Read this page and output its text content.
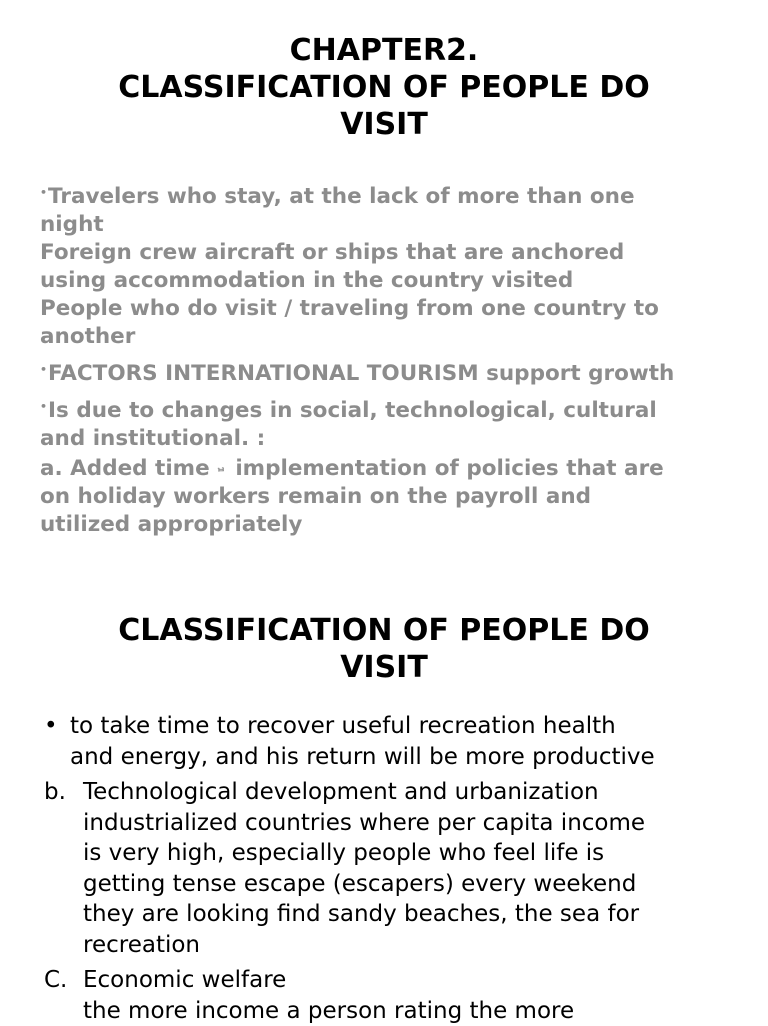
CHAPTER2.
CLASSIFICATION OF PEOPLE DO
VISIT

•Travelers who stay, at the lack of more than one
night
Foreign crew aircraft or ships that are anchored
using accommodation in the country visited
People who do visit / traveling from one country to
another

•FACTORS INTERNATIONAL TOURISM support growth

•Is due to changes in social, technological, cultural
and institutional. :
a. Added time $^ᆸ$ implementation of policies that are
on holiday workers remain on the payroll and
utilized appropriately

CLASSIFICATION OF PEOPLE DO
VISIT
• to take time to recover useful recreation health
and energy, and his return will be more productive
b. Technological development and urbanization
industrialized countries where per capita income
is very high, especially people who feel life is
getting tense escape (escapers) every weekend
they are looking find sandy beaches, the sea for
recreation
C. Economic welfare
the more income a person rating the more
